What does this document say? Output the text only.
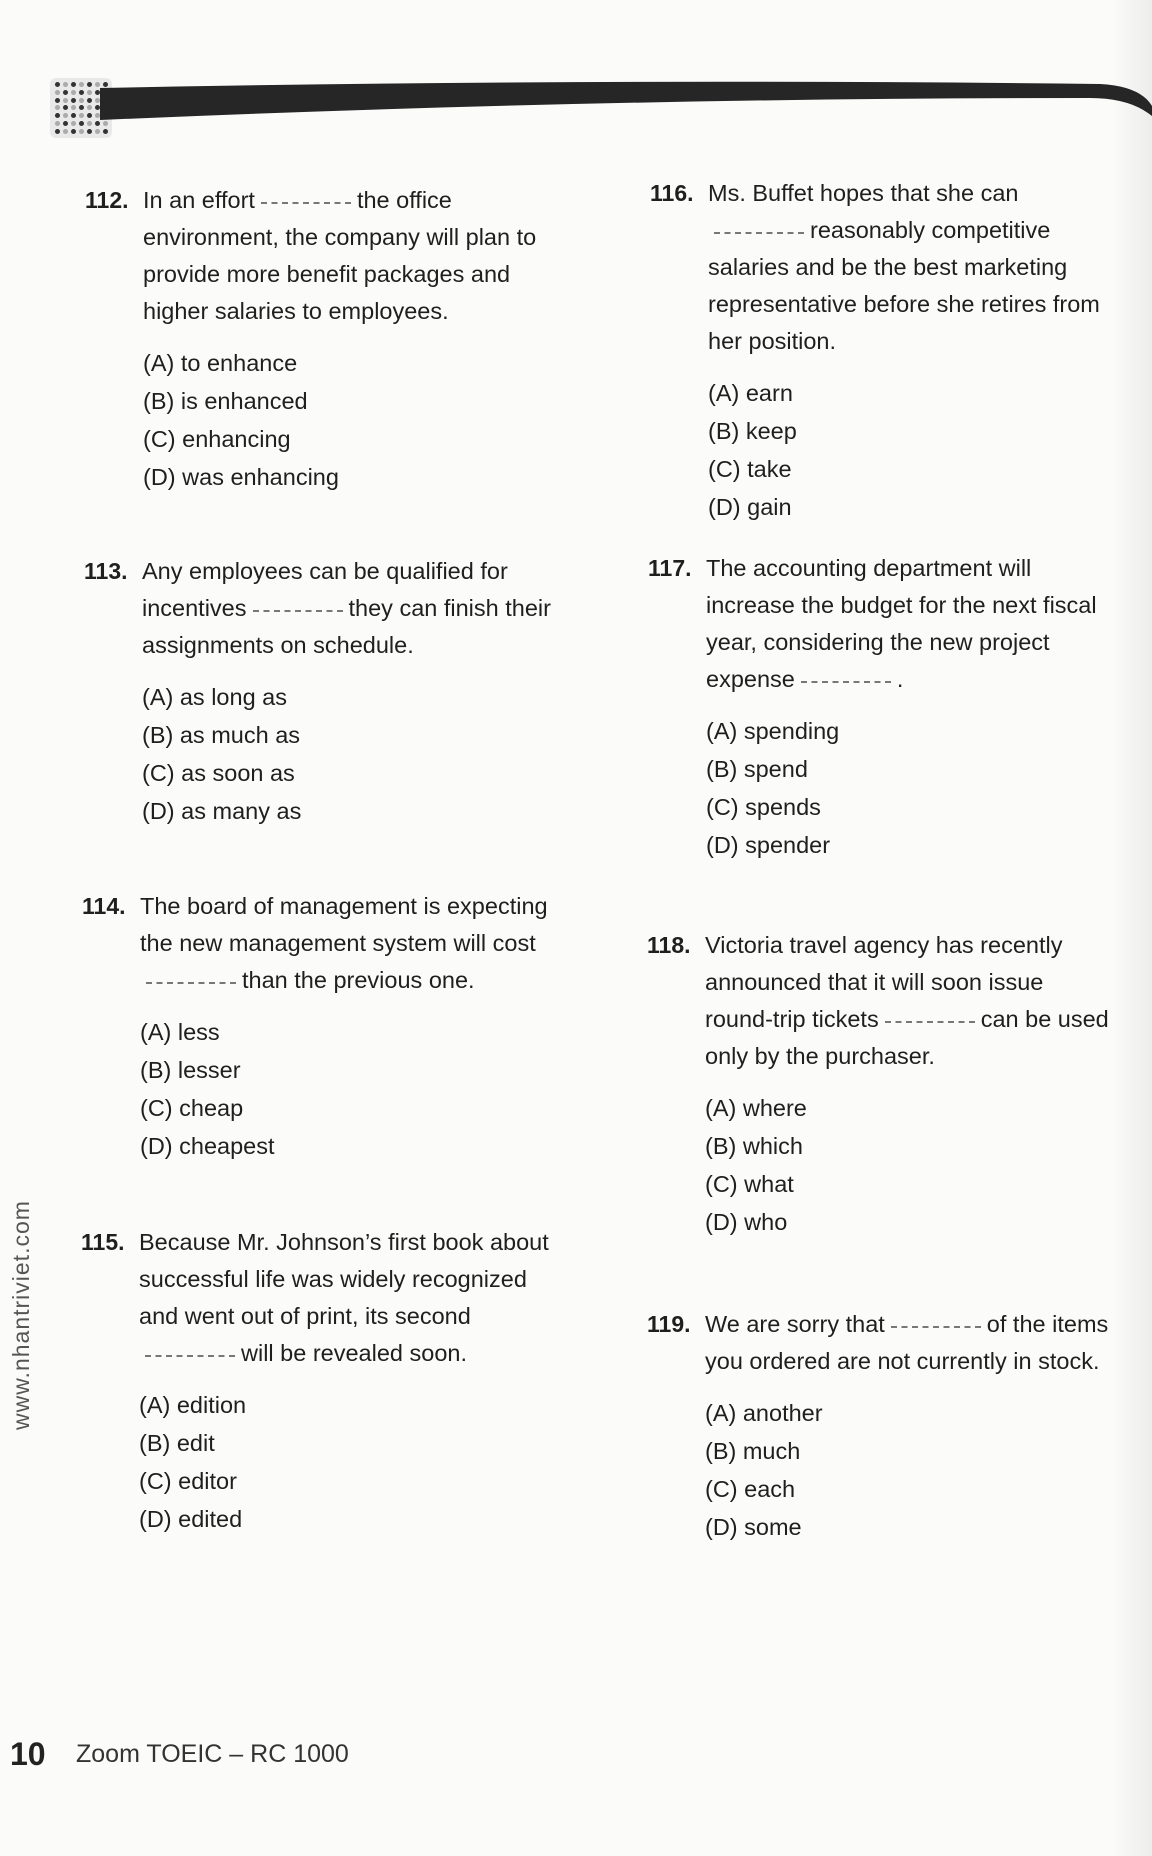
112. In an effort	the office environment, the company will plan to provide more benefit packages and higher salaries to employees.
(A) to enhance
(B) is enhanced
(C) enhancing
(D) was enhancing
113. Any employees can be qualified for incentives	they can finish their assignments on schedule.
(A) as long as
(B) as much as
(C) as soon as
(D) as many as
114. The board of management is expecting the new management system will costthan the previous one.
(A) less
(B) lesser
(C) cheap
(D) cheapest
115. Because Mr. Johnson’s first book about successful life was widely recognized and went out of print, its secondwill be revealed soon.
(A) edition
(B) edit
(C) editor
(D) edited
116. Ms. Buffet hopes that she canreasonably competitive salaries and be the best marketing representative before she retires from her position.
(A) earn
(B) keep
(C) take
(D) gain
117. The accounting department will increase the budget for the next fiscal year, considering the new project expense	.
(A) spending
(B) spend
(C) spends
(D) spender
118. Victoria travel agency has recently announced that it will soon issue round-trip tickets	can be used only by the purchaser.
(A) where
(B) which
(C) what
(D) who
119. We are sorry that	of the items you ordered are not currently in stock.
(A) another
(B) much
(C) each
(D) some
www.nhantriviet.com
10 Zoom TOEIC – RC 1000
